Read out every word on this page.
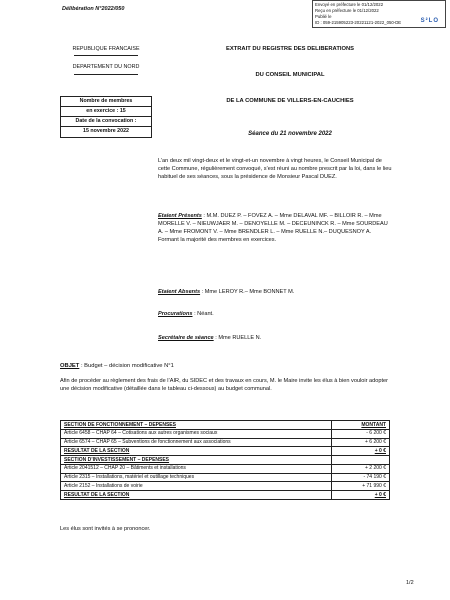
Envoyé en préfecture le 01/12/2022
Reçu en préfecture le 01/12/2022
Publié le
ID : 059-215905223-20221121-2022_050-DE	S²LO
Délibération N°2022/050
REPUBLIQUE FRANCAISE
DEPARTEMENT DU NORD
Nombre de membres
en exercice : 15
Date de la convocation :
15 novembre 2022
EXTRAIT DU REGISTRE DES DELIBERATIONS
DU CONSEIL MUNICIPAL
DE LA COMMUNE DE VILLERS-EN-CAUCHIES
Séance du 21 novembre 2022
L’an deux mil vingt-deux et le vingt-et-un novembre à vingt heures, le Conseil Municipal de cette Commune, régulièrement convoqué, s’est réuni au nombre prescrit par la loi, dans le lieu habituel de ses séances, sous la présidence de Monsieur Pascal DUEZ.
Etaient Présents : M.M. DUEZ P. – FOVEZ A. – Mme DELAVAL MF. – BILLOIR R. – Mme MORELLE V. – NIEUWJAER M. – DENOYELLE M. – DECEUNINCK R. – Mme SOURDEAU A. – Mme FROMONT V. – Mme BRENDLER L. – Mme RUELLE N.– DUQUESNOY A.
Formant la majorité des membres en exercices.
Etaient Absents : Mme LEROY R.– Mme BONNET M.
Procurations : Néant.
Secrétaire de séance : Mme RUELLE N.
OBJET : Budget – décision modificative N°1
Afin de procéder au règlement des frais de l’AIR, du SIDEC et des travaux en cours, M. le Maire invite les élus à bien vouloir adopter une décision modificative (détaillée dans le tableau ci-dessous) au budget communal.
SECTION DE FONCTIONNEMENT – DEPENSES	MONTANT
Article 6458 – CHAP 64 – Cotisations aux autres organismes sociaux	- 6 200 €
Article 6574 – CHAP 65 – Subventions de fonctionnement aux associations	+ 6 200 €
RESULTAT DE LA SECTION	+ 0 €
SECTION D’INVESTISSEMENT – DEPENSES	
Article 2041512 – CHAP 20 – Bâtiments et installations	+ 2 200 €
Article 2315 – Installations, matériel et outillage techniques	- 74 190 €
Article 2152 – Installations de voirie	+ 71 990 €
RESULTAT DE LA SECTION	+ 0 €
Les élus sont invités à se prononcer.
1/2
